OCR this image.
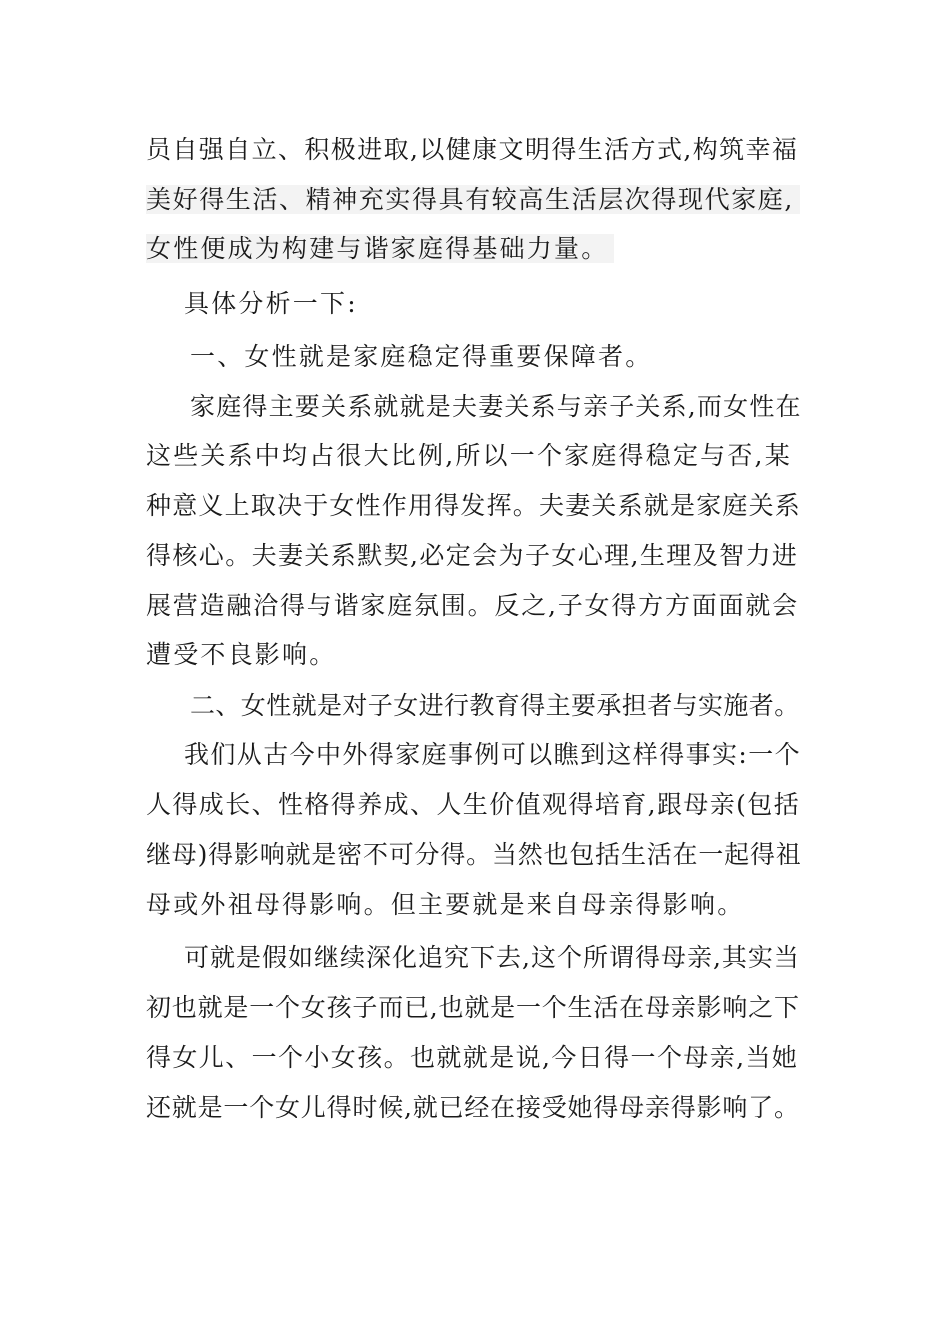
员自强自立、积极进取,以健康文明得生活方式,构筑幸福
美好得生活、精神充实得具有较高生活层次得现代家庭,
女性便成为构建与谐家庭得基础力量。
具体分析一下:
一、女性就是家庭稳定得重要保障者。
家庭得主要关系就就是夫妻关系与亲子关系,而女性在
这些关系中均占很大比例,所以一个家庭得稳定与否,某
种意义上取决于女性作用得发挥。夫妻关系就是家庭关系
得核心。夫妻关系默契,必定会为子女心理,生理及智力进
展营造融洽得与谐家庭氛围。反之,子女得方方面面就会
遭受不良影响。
二、女性就是对子女进行教育得主要承担者与实施者。
我们从古今中外得家庭事例可以瞧到这样得事实:一个
人得成长、性格得养成、人生价值观得培育,跟母亲(包括
继母)得影响就是密不可分得。当然也包括生活在一起得祖
母或外祖母得影响。但主要就是来自母亲得影响。
可就是假如继续深化追究下去,这个所谓得母亲,其实当
初也就是一个女孩子而已,也就是一个生活在母亲影响之下
得女儿、一个小女孩。也就就是说,今日得一个母亲,当她
还就是一个女儿得时候,就已经在接受她得母亲得影响了。
